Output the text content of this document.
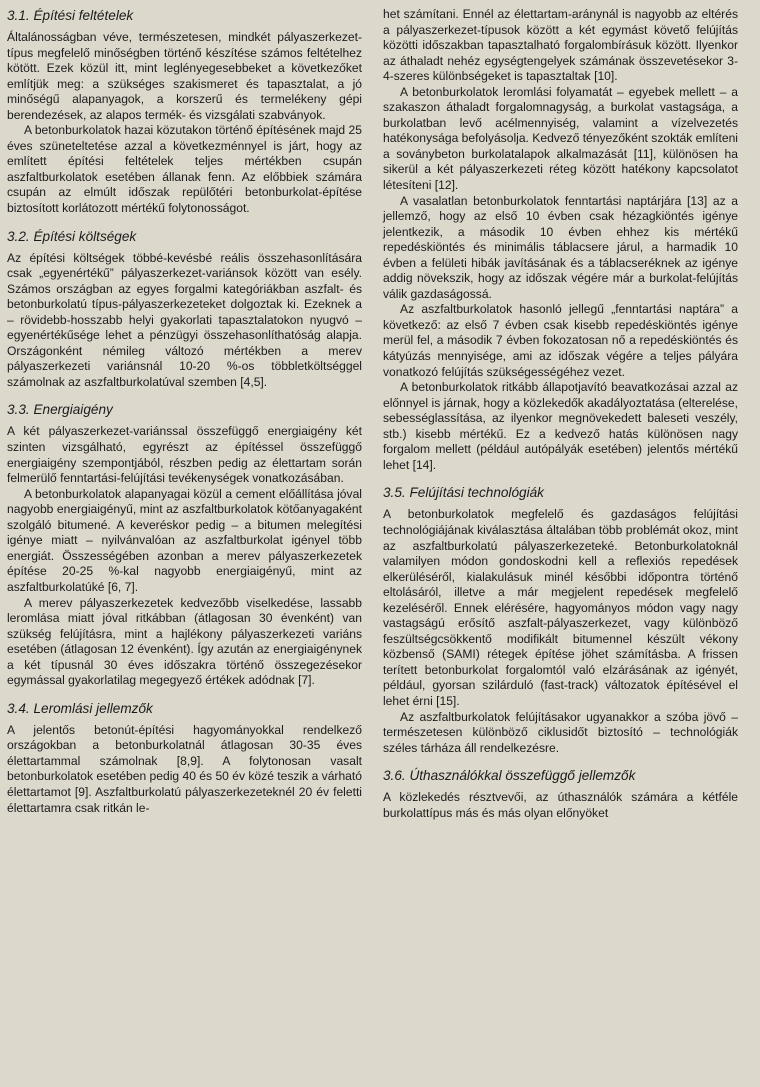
3.1. Építési feltételek

Általánosságban véve, természetesen, mindkét pályaszerkezet-típus megfelelő minőségben történő készítése számos feltételhez kötött. Ezek közül itt, mint leglényegesebbeket a következőket említjük meg: a szükséges szakismeret és tapasztalat, a jó minőségű alapanyagok, a korszerű és termelékeny gépi berendezések, az alapos termék- és vizsgálati szabványok.

A betonburkolatok hazai közutakon történő építésének majd 25 éves szüneteltetése azzal a következménnyel is járt, hogy az említett építési feltételek teljes mértékben csupán aszfaltburkolatok esetében állanak fenn. Az előbbiek számára csupán az elmúlt időszak repülőtéri betonburkolat-építése biztosított korlátozott mértékű folytonosságot.

3.2. Építési költségek

Az építési költségek többé-kevésbé reális összehasonlítására csak „egyenértékű” pályaszerkezet-variánsok között van esély. Számos országban az egyes forgalmi kategóriákban aszfalt- és betonburkolatú típus-pályaszerkezeteket dolgoztak ki. Ezeknek a – rövidebb-hosszabb helyi gyakorlati tapasztalatokon nyugvó – egyenértékűsége lehet a pénzügyi összehasonlíthatóság alapja. Országonként némileg változó mértékben a merev pályaszerkezeti variánsnál 10-20 %-os többletköltséggel számolnak az aszfaltburkolatúval szemben [4,5].

3.3. Energiaigény

A két pályaszerkezet-variánssal összefüggő energiaigény két szinten vizsgálható, egyrészt az építéssel összefüggő energiaigény szempontjából, részben pedig az élettartam során felmerülő fenntartási-felújítási tevékenységek vonatkozásában.

A betonburkolatok alapanyagai közül a cement előállítása jóval nagyobb energiaigényű, mint az aszfaltburkolatok kötőanyagaként szolgáló bitumené. A keveréskor pedig – a bitumen melegítési igénye miatt – nyilvánvalóan az aszfaltburkolat igényel több energiát. Összességében azonban a merev pályaszerkezetek építése 20-25 %-kal nagyobb energiaigényű, mint az aszfaltburkolatúké [6, 7].

A merev pályaszerkezetek kedvezőbb viselkedése, lassabb leromlása miatt jóval ritkábban (átlagosan 30 évenként) van szükség felújításra, mint a hajlékony pályaszerkezeti variáns esetében (átlagosan 12 évenként). Így azután az energiaigénynek a két típusnál 30 éves időszakra történő összegezésekor egymással gyakorlatilag megegyező értékek adódnak [7].

3.4. Leromlási jellemzők

A jelentős betonút-építési hagyományokkal rendelkező országokban a betonburkolatnál átlagosan 30-35 éves élettartammal számolnak [8,9]. A folytonosan vasalt betonburkolatok esetében pedig 40 és 50 év közé teszik a várható élettartamot [9]. Aszfaltburkolatú pályaszerkezeteknél 20 év feletti élettartamra csak ritkán le-

het számítani. Ennél az élettartam-aránynál is nagyobb az eltérés a pályaszerkezet-típusok között a két egymást követő felújítás közötti időszakban tapasztalható forgalombírásuk között. Ilyenkor az áthaladt nehéz egységtengelyek számának összevetésekor 3-4-szeres különbségeket is tapasztaltak [10].

A betonburkolatok leromlási folyamatát – egyebek mellett – a szakaszon áthaladt forgalomnagyság, a burkolat vastagsága, a burkolatban levő acélmennyiség, valamint a vízelvezetés hatékonysága befolyásolja. Kedvező tényezőként szokták említeni a soványbeton burkolatalapok alkalmazását [11], különösen ha sikerül a két pályaszerkezeti réteg között hatékony kapcsolatot létesíteni [12].

A vasalatlan betonburkolatok fenntartási naptárjára [13] az a jellemző, hogy az első 10 évben csak hézagkiöntés igénye jelentkezik, a második 10 évben ehhez kis mértékű repedéskiöntés és minimális táblacsere járul, a harmadik 10 évben a felületi hibák javításának és a táblacseréknek az igénye addig növekszik, hogy az időszak végére már a burkolat-felújítás válik gazdaságossá.

Az aszfaltburkolatok hasonló jellegű „fenntartási naptára” a következő: az első 7 évben csak kisebb repedéskiöntés igénye merül fel, a második 7 évben fokozatosan nő a repedéskiöntés és kátyúzás mennyisége, ami az időszak végére a teljes pályára vonatkozó felújítás szükségességéhez vezet.

A betonburkolatok ritkább állapotjavító beavatkozásai azzal az előnnyel is járnak, hogy a közlekedők akadályoztatása (elterelése, sebességlassítása, az ilyenkor megnövekedett baleseti veszély, stb.) kisebb mértékű. Ez a kedvező hatás különösen nagy forgalom mellett (például autópályák esetében) jelentős mértékű lehet [14].

3.5. Felújítási technológiák

A betonburkolatok megfelelő és gazdaságos felújítási technológiájának kiválasztása általában több problémát okoz, mint az aszfaltburkolatú pályaszerkezeteké. Betonburkolatoknál valamilyen módon gondoskodni kell a reflexiós repedések elkerüléséről, kialakulásuk minél későbbi időpontra történő eltolásáról, illetve a már megjelent repedések megfelelő kezeléséről. Ennek elérésére, hagyományos módon vagy nagy vastagságú erősítő aszfalt-pályaszerkezet, vagy különböző feszültségcsökkentő modifikált bitumennel készült vékony közbenső (SAMI) rétegek építése jöhet számításba. A frissen terített betonburkolat forgalomtól való elzárásának az igényét, például, gyorsan szilárduló (fast-track) változatok építésével el lehet érni [15].

Az aszfaltburkolatok felújításakor ugyanakkor a szóba jövő – természetesen különböző ciklusidőt biztosító – technológiák széles tárháza áll rendelkezésre.

3.6. Úthasználókkal összefüggő jellemzők

A közlekedés résztvevői, az úthasználók számára a kétféle burkolattípus más és más olyan előnyöket
